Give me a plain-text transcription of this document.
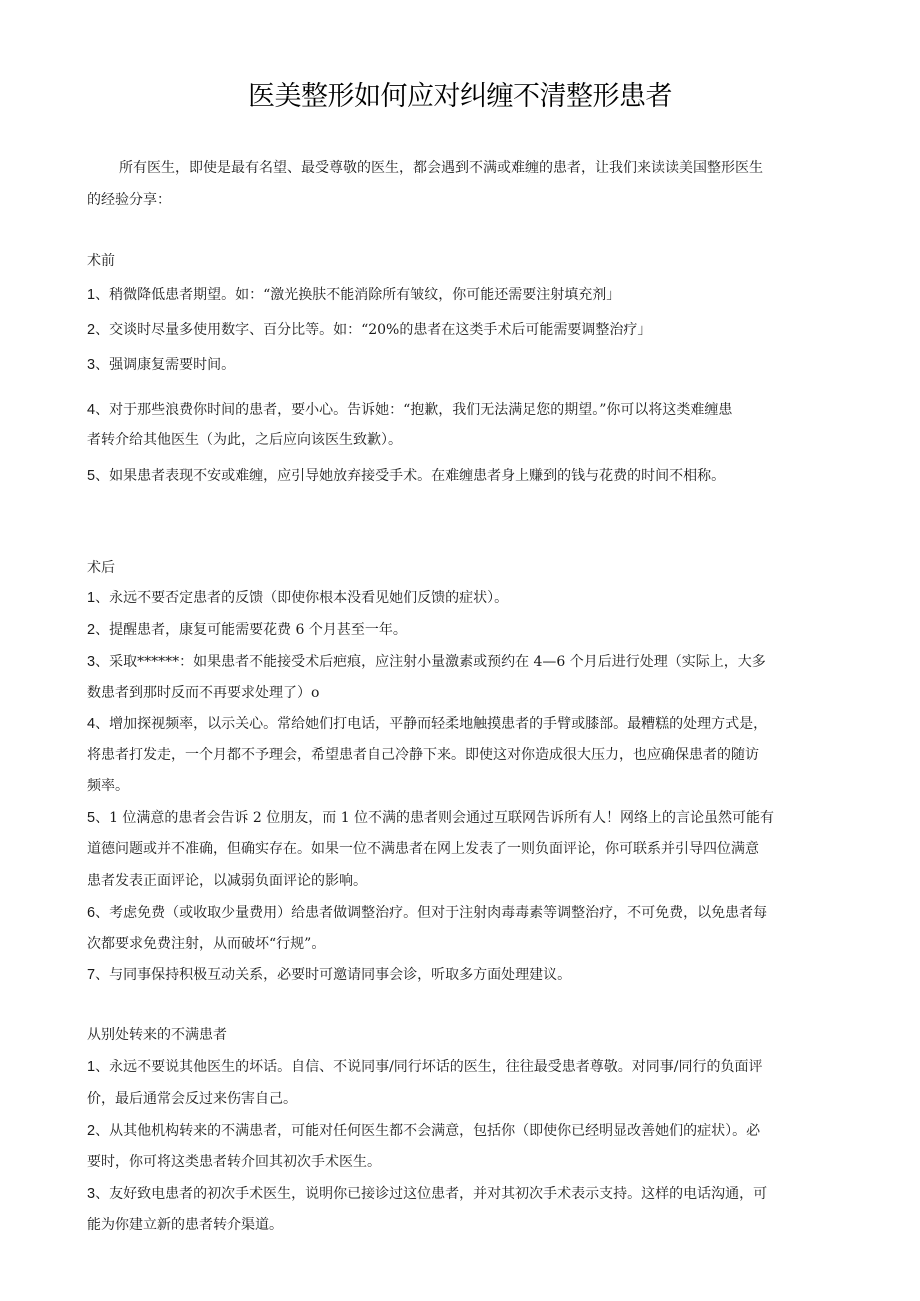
医美整形如何应对纠缠不清整形患者
所有医生，即使是最有名望、最受尊敬的医生，都会遇到不满或难缠的患者，让我们来读读美国整形医生
的经验分享：
术前
1、稍微降低患者期望。如：“激光换肤不能消除所有皱纹，你可能还需要注射填充剂」
2、交谈时尽量多使用数字、百分比等。如：“20%的患者在这类手术后可能需要调整治疗」
3、强调康复需要时间。
4、对于那些浪费你时间的患者，要小心。告诉她：“抱歉，我们无法满足您的期望。”你可以将这类难缠患
者转介给其他医生（为此，之后应向该医生致歉）。
5、如果患者表现不安或难缠，应引导她放弃接受手术。在难缠患者身上赚到的钱与花费的时间不相称。
术后
1、永远不要否定患者的反馈（即使你根本没看见她们反馈的症状）。
2、提醒患者，康复可能需要花费 6 个月甚至一年。
3、采取******：如果患者不能接受术后疤痕，应注射小量激素或预约在 4—6 个月后进行处理（实际上，大多
数患者到那时反而不再要求处理了）o
4、增加探视频率，以示关心。常给她们打电话，平静而轻柔地触摸患者的手臂或膝部。最糟糕的处理方式是，
将患者打发走，一个月都不予理会，希望患者自己冷静下来。即使这对你造成很大压力，也应确保患者的随访
频率。
5、1 位满意的患者会告诉 2 位朋友，而 1 位不满的患者则会通过互联网告诉所有人！网络上的言论虽然可能有
道德问题或并不准确，但确实存在。如果一位不满患者在网上发表了一则负面评论，你可联系并引导四位满意
患者发表正面评论，以减弱负面评论的影响。
6、考虑免费（或收取少量费用）给患者做调整治疗。但对于注射肉毒毒素等调整治疗，不可免费，以免患者每
次都要求免费注射，从而破坏“行规”。
7、与同事保持积极互动关系，必要时可邀请同事会诊，听取多方面处理建议。
从别处转来的不满患者
1、永远不要说其他医生的坏话。自信、不说同事/同行坏话的医生，往往最受患者尊敬。对同事/同行的负面评
价，最后通常会反过来伤害自己。
2、从其他机构转来的不满患者，可能对任何医生都不会满意，包括你（即使你已经明显改善她们的症状）。必
要时，你可将这类患者转介回其初次手术医生。
3、友好致电患者的初次手术医生，说明你已接诊过这位患者，并对其初次手术表示支持。这样的电话沟通，可
能为你建立新的患者转介渠道。
